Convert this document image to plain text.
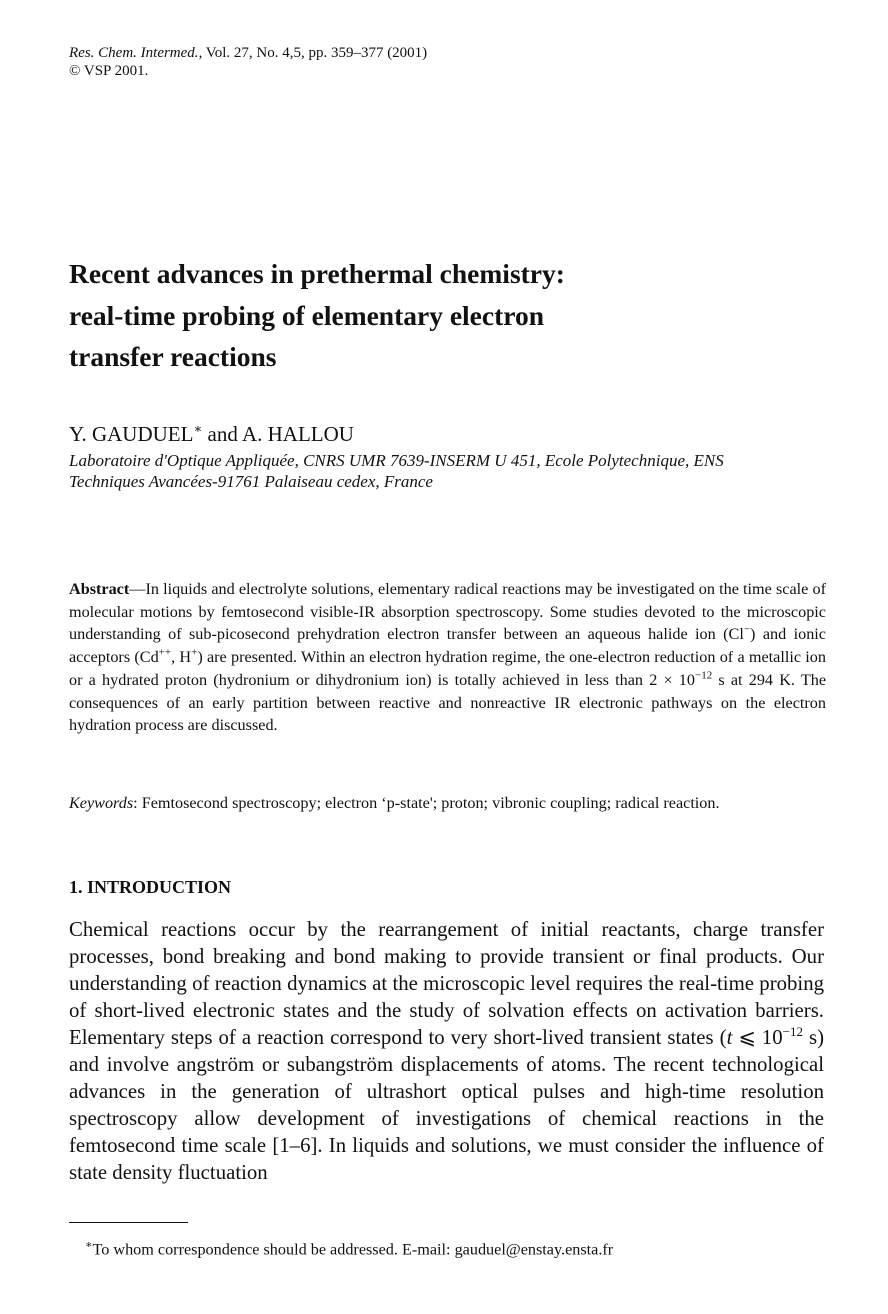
Res. Chem. Intermed., Vol. 27, No. 4,5, pp. 359–377 (2001)
© VSP 2001.
Recent advances in prethermal chemistry:
real-time probing of elementary electron
transfer reactions
Y. GAUDUEL∗ and A. HALLOU
Laboratoire d'Optique Appliquée, CNRS UMR 7639-INSERM U 451, Ecole Polytechnique, ENS
Techniques Avancées-91761 Palaiseau cedex, France
Abstract—In liquids and electrolyte solutions, elementary radical reactions may be investigated on the time scale of molecular motions by femtosecond visible-IR absorption spectroscopy. Some studies devoted to the microscopic understanding of sub-picosecond prehydration electron transfer between an aqueous halide ion (Cl−) and ionic acceptors (Cd++, H+) are presented. Within an electron hydration regime, the one-electron reduction of a metallic ion or a hydrated proton (hydronium or dihydronium ion) is totally achieved in less than $2 \times 10^{-12}$ s at 294 K. The consequences of an early partition between reactive and nonreactive IR electronic pathways on the electron hydration process are discussed.
Keywords: Femtosecond spectroscopy; electron ‘p-state'; proton; vibronic coupling; radical reaction.
1. INTRODUCTION
Chemical reactions occur by the rearrangement of initial reactants, charge transfer processes, bond breaking and bond making to provide transient or final products. Our understanding of reaction dynamics at the microscopic level requires the real-time probing of short-lived electronic states and the study of solvation effects on activation barriers. Elementary steps of a reaction correspond to very short-lived transient states (t ⩽ $10^{-12}$ s) and involve angström or subangström displacements of atoms. The recent technological advances in the generation of ultrashort optical pulses and high-time resolution spectroscopy allow development of investigations of chemical reactions in the femtosecond time scale [1–6]. In liquids and solutions, we must consider the influence of state density fluctuation
∗To whom correspondence should be addressed. E-mail: gauduel@enstay.ensta.fr
